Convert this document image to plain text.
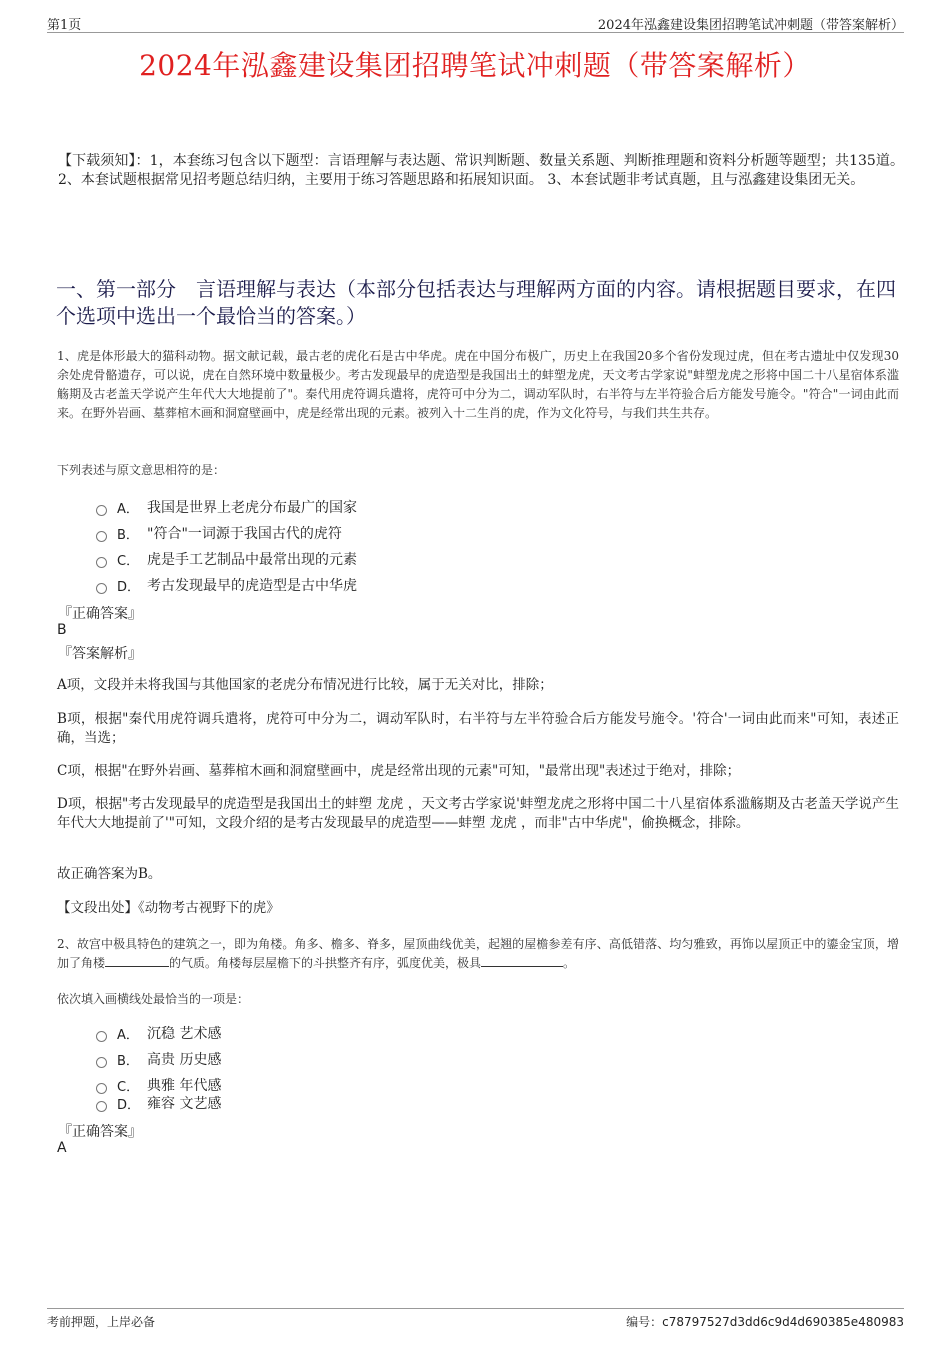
第1页	2024年泓鑫建设集团招聘笔试冲刺题（带答案解析）
2024年泓鑫建设集团招聘笔试冲刺题（带答案解析）
【下载须知】：1，本套练习包含以下题型：言语理解与表达题、常识判断题、数量关系题、判断推理题和资料分析题等题型；共135道。 2、本套试题根据常见招考题总结归纳，主要用于练习答题思路和拓展知识面。 3、本套试题非考试真题，且与泓鑫建设集团无关。
一、第一部分　言语理解与表达（本部分包括表达与理解两方面的内容。请根据题目要求，在四个选项中选出一个最恰当的答案。）
1、虎是体形最大的猫科动物。据文献记载，最古老的虎化石是古中华虎。虎在中国分布极广，历史上在我国20多个省份发现过虎，但在考古遗址中仅发现30余处虎骨骼遗存，可以说，虎在自然环境中数量极少。考古发现最早的虎造型是我国出土的蚌塑龙虎，天文考古学家说"蚌塑龙虎之形将中国二十八星宿体系滥觞期及古老盖天学说产生年代大大地提前了"。秦代用虎符调兵遣将，虎符可中分为二，调动军队时，右半符与左半符验合后方能发号施令。"符合"一词由此而来。在野外岩画、墓葬棺木画和洞窟壁画中，虎是经常出现的元素。被列入十二生肖的虎，作为文化符号，与我们共生共存。
下列表述与原文意思相符的是：
A． 我国是世界上老虎分布最广的国家
B． "符合"一词源于我国古代的虎符
C． 虎是手工艺制品中最常出现的元素
D． 考古发现最早的虎造型是古中华虎
『正确答案』
B
『答案解析』
A项，文段并未将我国与其他国家的老虎分布情况进行比较，属于无关对比，排除；
B项，根据"秦代用虎符调兵遣将，虎符可中分为二，调动军队时，右半符与左半符验合后方能发号施令。'符合'一词由此而来"可知，表述正确，当选；
C项，根据"在野外岩画、墓葬棺木画和洞窟壁画中，虎是经常出现的元素"可知，"最常出现"表述过于绝对，排除；
D项，根据"考古发现最早的虎造型是我国出土的蚌塑 龙虎 ，天文考古学家说'蚌塑龙虎之形将中国二十八星宿体系滥觞期及古老盖天学说产生年代大大地提前了'"可知，文段介绍的是考古发现最早的虎造型——蚌塑 龙虎 ，而非"古中华虎"，偷换概念，排除。
故正确答案为B。
【文段出处】《动物考古视野下的虎》
2、故宫中极具特色的建筑之一，即为角楼。角多、檐多、脊多，屋顶曲线优美，起翘的屋檐参差有序、高低错落、均匀雅致，再饰以屋顶正中的鎏金宝顶，增加了角楼	的气质。角楼每层屋檐下的斗拱整齐有序，弧度优美，极具	。
依次填入画横线处最恰当的一项是：
A． 沉稳 艺术感
B． 高贵 历史感
C． 典雅 年代感
D． 雍容 文艺感
『正确答案』
A
考前押题，上岸必备	编号：c78797527d3dd6c9d4d690385e480983
